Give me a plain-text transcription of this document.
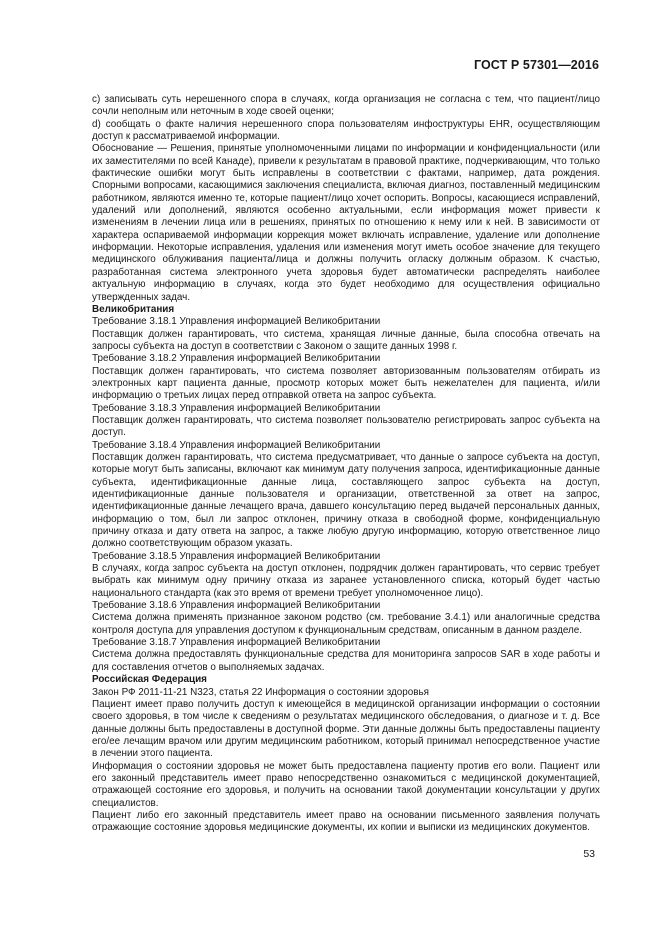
ГОСТ Р 57301—2016

c) записывать суть нерешенного спора в случаях, когда организация не согласна с тем, что пациент/лицо сочли неполным или неточным в ходе своей оценки;

d) сообщать о факте наличия нерешенного спора пользователям инфоструктуры EHR, осуществляющим доступ к рассматриваемой информации.

Обоснование — Решения, принятые уполномоченными лицами по информации и конфиденциальности (или их заместителями по всей Канаде), привели к результатам в правовой практике, подчеркивающим, что только фактические ошибки могут быть исправлены в соответствии с фактами, например, дата рождения. Спорными вопросами, касающимися заключения специалиста, включая диагноз, поставленный медицинским работником, являются именно те, которые пациент/лицо хочет оспорить. Вопросы, касающиеся исправлений, удалений или дополнений, являются особенно актуальными, если информация может привести к изменениям в лечении лица или в решениях, принятых по отношению к нему или к ней. В зависимости от характера оспариваемой информации коррекция может включать исправление, удаление или дополнение информации. Некоторые исправления, удаления или изменения могут иметь особое значение для текущего медицинского облуживания пациента/лица и должны получить огласку должным образом. К счастью, разработанная система электронного учета здоровья будет автоматически распределять наиболее актуальную информацию в случаях, когда это будет необходимо для осуществления официально утвержденных задач.

Великобритания

Требование 3.18.1 Управления информацией Великобритании

Поставщик должен гарантировать, что система, хранящая личные данные, была способна отвечать на запросы субъекта на доступ в соответствии с Законом о защите данных 1998 г.

Требование 3.18.2 Управления информацией Великобритании

Поставщик должен гарантировать, что система позволяет авторизованным пользователям отбирать из электронных карт пациента данные, просмотр которых может быть нежелателен для пациента, и/или информацию о третьих лицах перед отправкой ответа на запрос субъекта.

Требование 3.18.3 Управления информацией Великобритании

Поставщик должен гарантировать, что система позволяет пользователю регистрировать запрос субъекта на доступ.

Требование 3.18.4 Управления информацией Великобритании

Поставщик должен гарантировать, что система предусматривает, что данные о запросе субъекта на доступ, которые могут быть записаны, включают как минимум дату получения запроса, идентификационные данные субъекта, идентификационные данные лица, составляющего запрос субъекта на доступ, идентификационные данные пользователя и организации, ответственной за ответ на запрос, идентификационные данные лечащего врача, давшего консультацию перед выдачей персональных данных, информацию о том, был ли запрос отклонен, причину отказа в свободной форме, конфиденциальную причину отказа и дату ответа на запрос, а также любую другую информацию, которую ответственное лицо должно соответствующим образом указать.

Требование 3.18.5 Управления информацией Великобритании

В случаях, когда запрос субъекта на доступ отклонен, подрядчик должен гарантировать, что сервис требует выбрать как минимум одну причину отказа из заранее установленного списка, который будет частью национального стандарта (как это время от времени требует уполномоченное лицо).

Требование 3.18.6 Управления информацией Великобритании

Система должна применять признанное законом родство (см. требование 3.4.1) или аналогичные средства контроля доступа для управления доступом к функциональным средствам, описанным в данном разделе.

Требование 3.18.7 Управления информацией Великобритании

Система должна предоставлять функциональные средства для мониторинга запросов SAR в ходе работы и для составления отчетов о выполняемых задачах.

Российская Федерация

Закон РФ 2011-11-21 N323, статья 22 Информация о состоянии здоровья

Пациент имеет право получить доступ к имеющейся в медицинской организации информации о состоянии своего здоровья, в том числе к сведениям о результатах медицинского обследования, о диагнозе и т. д. Все данные должны быть предоставлены в доступной форме. Эти данные должны быть предоставлены пациенту его/ее лечащим врачом или другим медицинским работником, который принимал непосредственное участие в лечении этого пациента.

Информация о состоянии здоровья не может быть предоставлена пациенту против его воли. Пациент или его законный представитель имеет право непосредственно ознакомиться с медицинской документацией, отражающей состояние его здоровья, и получить на основании такой документации консультации у других специалистов.

Пациент либо его законный представитель имеет право на основании письменного заявления получать отражающие состояние здоровья медицинские документы, их копии и выписки из медицинских документов.

53
